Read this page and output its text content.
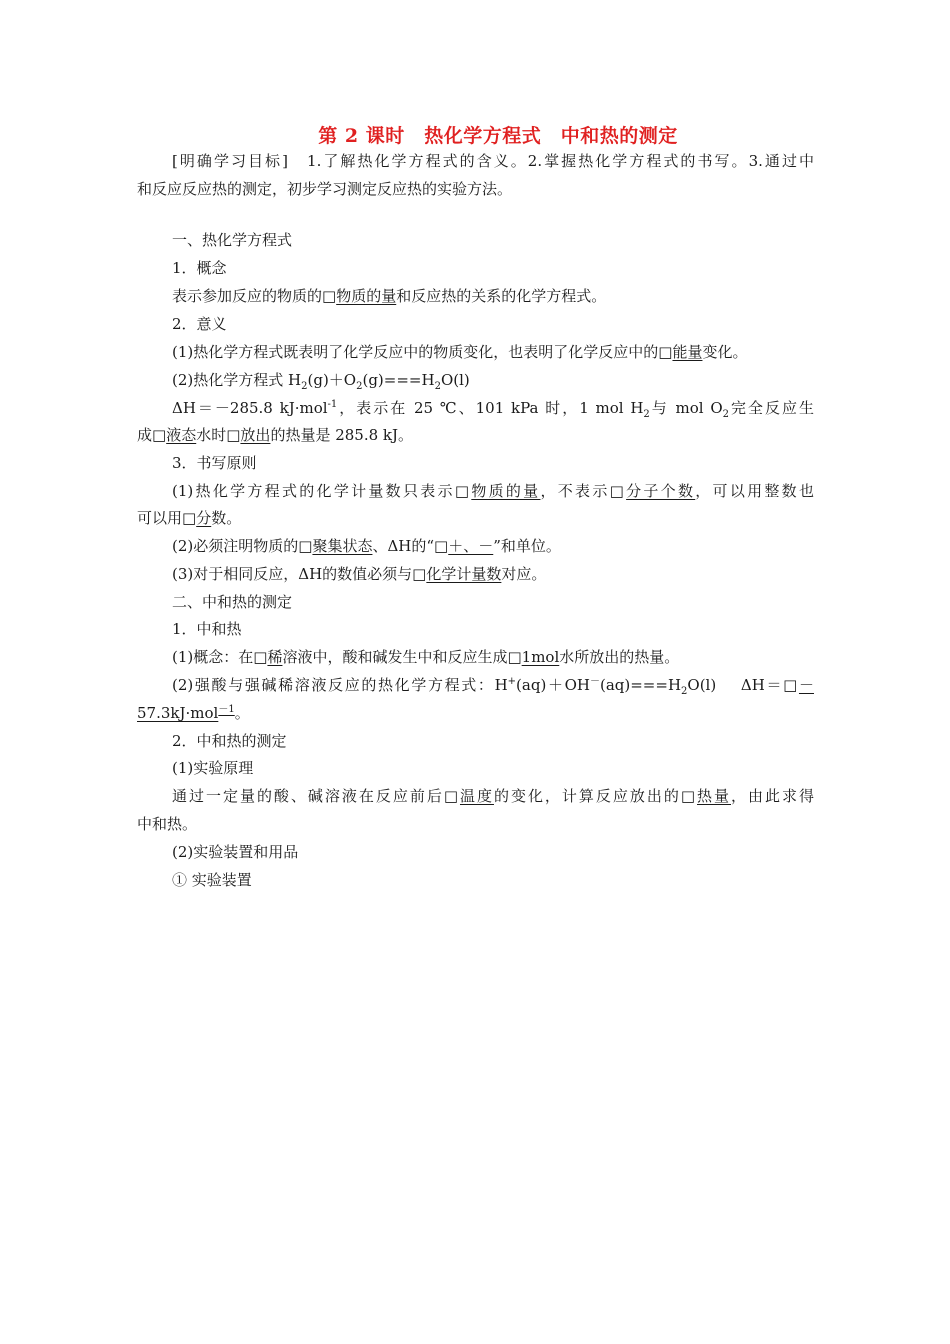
第 2 课时　热化学方程式　中和热的测定
[明确学习目标]　 1.了解热化学方程式的含义。2.掌握热化学方程式的书写。3.通过中
和反应反应热的测定，初步学习测定反应热的实验方法。
一、热化学方程式
1．概念
表示参加反应的物质的□物质的量和反应热的关系的化学方程式。
2．意义
(1)热化学方程式既表明了化学反应中的物质变化，也表明了化学反应中的□能量变化。
(2)热化学方程式 $H_2(g)+O_2(g)===H_2O(l)$
ΔH＝－285.8 kJ·mol$^{-1}$，表示在 25 ℃、101 kPa 时，1 mol $H_2$与 mol $O_2$完全反应生
成□液态水时□放出的热量是 285.8 kJ。
3．书写原则
(1)热化学方程式的化学计量数只表示□物质的量，不表示□分子个数，可以用整数也
可以用□分数。
(2)必须注明物质的□聚集状态、ΔH的“□＋、－”和单位。
(3)对于相同反应，ΔH的数值必须与□化学计量数对应。
二、中和热的测定
1．中和热
(1)概念：在□稀溶液中，酸和碱发生中和反应生成□1mol水所放出的热量。
(2)强酸与强碱稀溶液反应的热化学方程式：$H^+(aq)+OH^-(aq)===H_2O(l)$　 ΔH＝□－
57.3kJ·mol$^{-1}$。
2．中和热的测定
(1)实验原理
通过一定量的酸、碱溶液在反应前后□温度的变化，计算反应放出的□热量，由此求得
中和热。
(2)实验装置和用品
① 实验装置
